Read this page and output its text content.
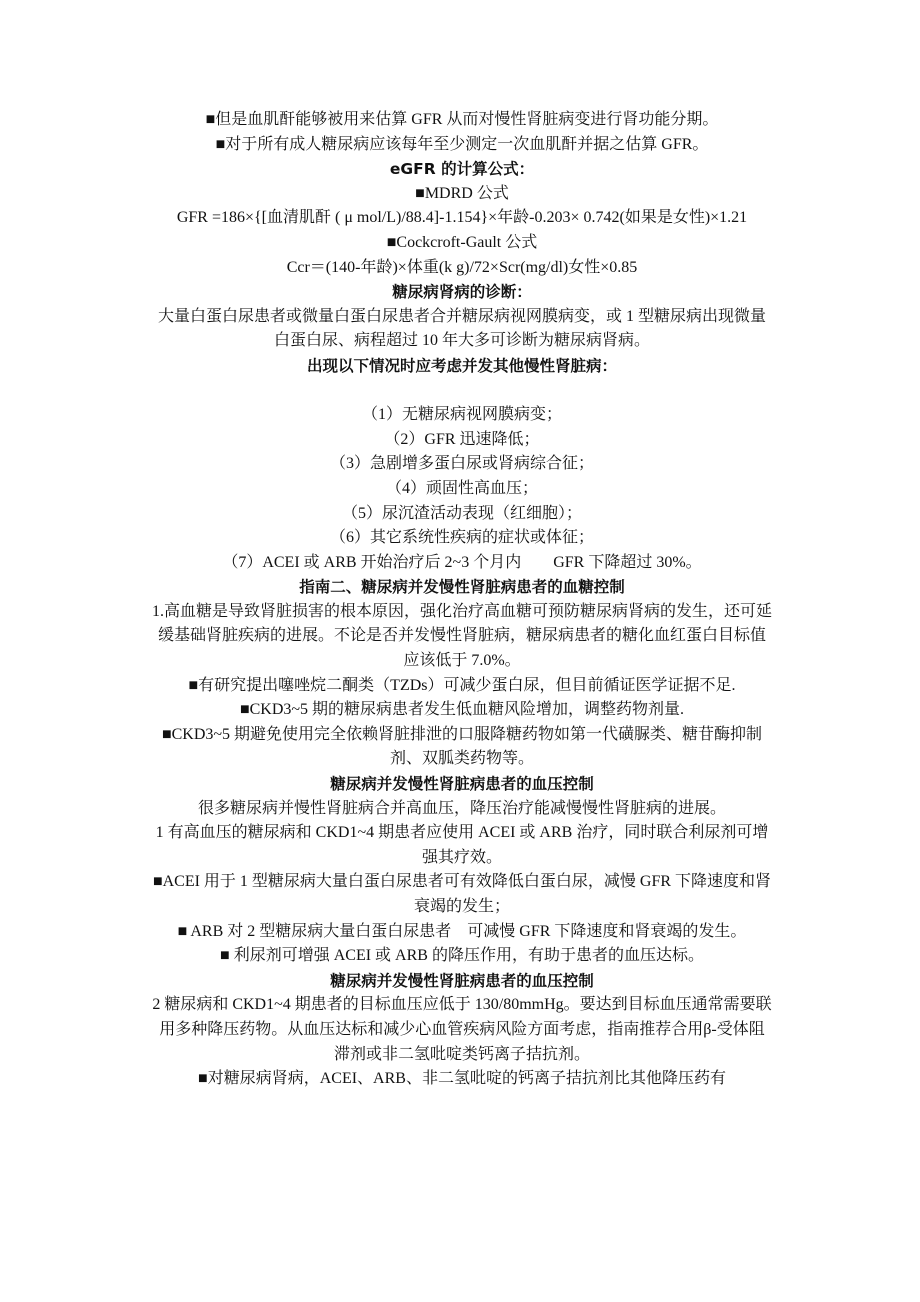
■但是血肌酐能够被用来估算 GFR 从而对慢性肾脏病变进行肾功能分期。

■对于所有成人糖尿病应该每年至少测定一次血肌酐并据之估算 GFR。

eGFR 的计算公式：

■MDRD 公式

GFR =186×{[血清肌酐 ( μ mol/L)/88.4]-1.154}×年龄-0.203× 0.742(如果是女性)×1.21

■Cockcroft-Gault 公式

Ccr＝(140-年龄)×体重(k g)/72×Scr(mg/dl)女性×0.85

糖尿病肾病的诊断：

大量白蛋白尿患者或微量白蛋白尿患者合并糖尿病视网膜病变，或 1 型糖尿病出现微量白蛋白尿、病程超过 10 年大多可诊断为糖尿病肾病。

出现以下情况时应考虑并发其他慢性肾脏病：

（1）无糖尿病视网膜病变；

（2）GFR 迅速降低；

（3）急剧增多蛋白尿或肾病综合征；

（4）顽固性高血压；

（5）尿沉渣活动表现（红细胞）；

（6）其它系统性疾病的症状或体征；

（7）ACEI 或 ARB 开始治疗后 2~3 个月内　　GFR 下降超过 30%。

指南二、糖尿病并发慢性肾脏病患者的血糖控制

1.高血糖是导致肾脏损害的根本原因，强化治疗高血糖可预防糖尿病肾病的发生，还可延缓基础肾脏疾病的进展。不论是否并发慢性肾脏病，糖尿病患者的糖化血红蛋白目标值应该低于 7.0%。

■有研究提出噻唑烷二酮类（TZDs）可减少蛋白尿，但目前循证医学证据不足.

■CKD3~5 期的糖尿病患者发生低血糖风险增加，调整药物剂量.

■CKD3~5 期避免使用完全依赖肾脏排泄的口服降糖药物如第一代磺脲类、糖苷酶抑制剂、双胍类药物等。

糖尿病并发慢性肾脏病患者的血压控制

很多糖尿病并慢性肾脏病合并高血压，降压治疗能减慢慢性肾脏病的进展。

1 有高血压的糖尿病和 CKD1~4 期患者应使用 ACEI 或 ARB 治疗，同时联合利尿剂可增强其疗效。

■ACEI 用于 1 型糖尿病大量白蛋白尿患者可有效降低白蛋白尿，减慢 GFR 下降速度和肾衰竭的发生；

■ ARB 对 2 型糖尿病大量白蛋白尿患者　可减慢 GFR 下降速度和肾衰竭的发生。

■ 利尿剂可增强 ACEI 或 ARB 的降压作用，有助于患者的血压达标。

糖尿病并发慢性肾脏病患者的血压控制

2 糖尿病和 CKD1~4 期患者的目标血压应低于 130/80mmHg。要达到目标血压通常需要联用多种降压药物。从血压达标和减少心血管疾病风险方面考虑，指南推荐合用β-受体阻滞剂或非二氢吡啶类钙离子拮抗剂。

■对糖尿病肾病，ACEI、ARB、非二氢吡啶的钙离子拮抗剂比其他降压药有
